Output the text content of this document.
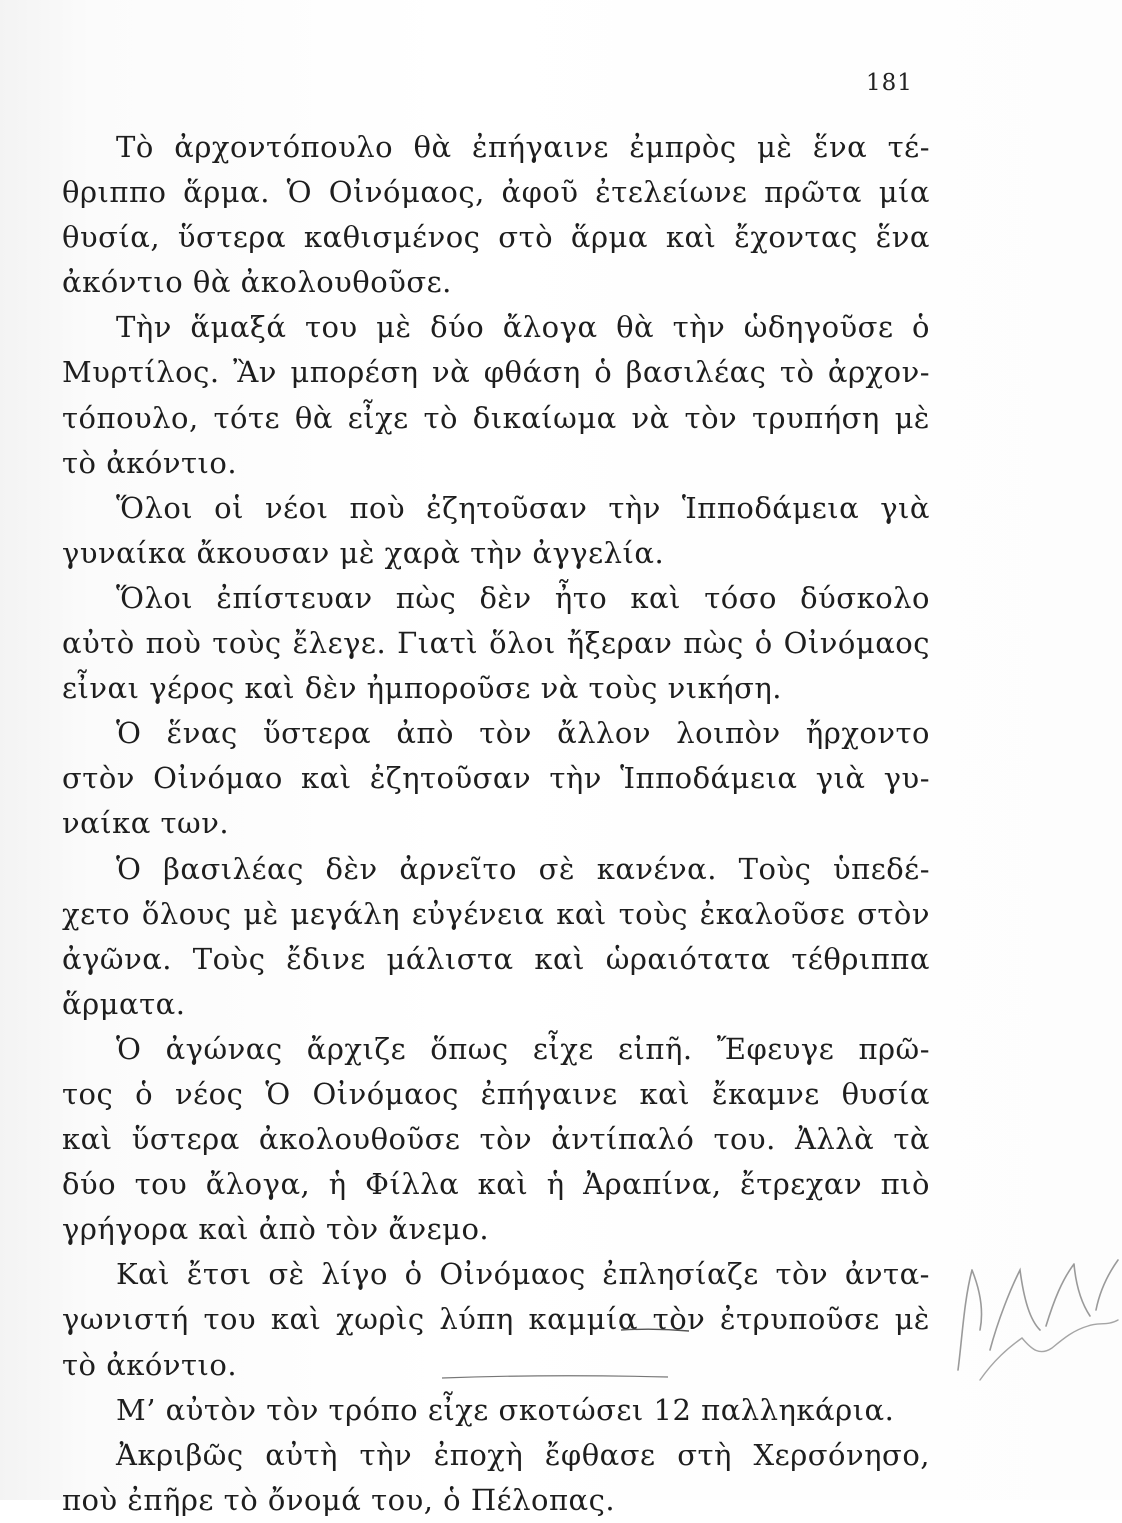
181
Τὸ ἀρχοντόπουλο θὰ ἐπήγαινε ἐμπρὸς μὲ ἕνα τέ-
θριππο ἅρμα. Ὁ Οἰνόμαος, ἀφοῦ ἐτελείωνε πρῶτα μία
θυσία, ὕστερα καθισμένος στὸ ἅρμα καὶ ἔχοντας ἕνα
ἀκόντιο θὰ ἀκολουθοῦσε.
Τὴν ἅμαξά του μὲ δύο ἄλογα θὰ τὴν ὡδηγοῦσε ὁ
Μυρτίλος. Ἂν μπορέση νὰ φθάση ὁ βασιλέας τὸ ἀρχον-
τόπουλο, τότε θὰ εἶχε τὸ δικαίωμα νὰ τὸν τρυπήση μὲ
τὸ ἀκόντιο.
Ὅλοι οἱ νέοι ποὺ ἐζητοῦσαν τὴν Ἱπποδάμεια γιὰ
γυναίκα ἄκουσαν μὲ χαρὰ τὴν ἀγγελία.
Ὅλοι ἐπίστευαν πὼς δὲν ἦτο καὶ τόσο δύσκολο
αὐτὸ ποὺ τοὺς ἔλεγε. Γιατὶ ὅλοι ἤξεραν πὼς ὁ Οἰνόμαος
εἶναι γέρος καὶ δὲν ἠμποροῦσε νὰ τοὺς νικήση.
Ὁ ἕνας ὕστερα ἀπὸ τὸν ἄλλον λοιπὸν ἤρχοντο
στὸν Οἰνόμαο καὶ ἐζητοῦσαν τὴν Ἱπποδάμεια γιὰ γυ-
ναίκα των.
Ὁ βασιλέας δὲν ἀρνεῖτο σὲ κανένα. Τοὺς ὑπεδέ-
χετο ὅλους μὲ μεγάλη εὐγένεια καὶ τοὺς ἐκαλοῦσε στὸν
ἀγῶνα. Τοὺς ἔδινε μάλιστα καὶ ὡραιότατα τέθριππα
ἅρματα.
Ὁ ἀγώνας ἄρχιζε ὅπως εἶχε εἰπῆ. Ἔφευγε πρῶ-
τος ὁ νέος Ὁ Οἰνόμαος ἐπήγαινε καὶ ἔκαμνε θυσία
καὶ ὕστερα ἀκολουθοῦσε τὸν ἀντίπαλό του. Ἀλλὰ τὰ
δύο του ἄλογα, ἡ Φίλλα καὶ ἡ Ἀραπίνα, ἔτρεχαν πιὸ
γρήγορα καὶ ἀπὸ τὸν ἄνεμο.
Καὶ ἔτσι σὲ λίγο ὁ Οἰνόμαος ἐπλησίαζε τὸν ἀντα-
γωνιστή του καὶ χωρὶς λύπη καμμία τὸν ἐτρυποῦσε μὲ
τὸ ἀκόντιο.
Μ’ αὐτὸν τὸν τρόπο εἶχε σκοτώσει 12 παλληκάρια.
Ἀκριβῶς αὐτὴ τὴν ἐποχὴ ἔφθασε στὴ Χερσόνησο,
ποὺ ἐπῆρε τὸ ὄνομά του, ὁ Πέλοπας.
